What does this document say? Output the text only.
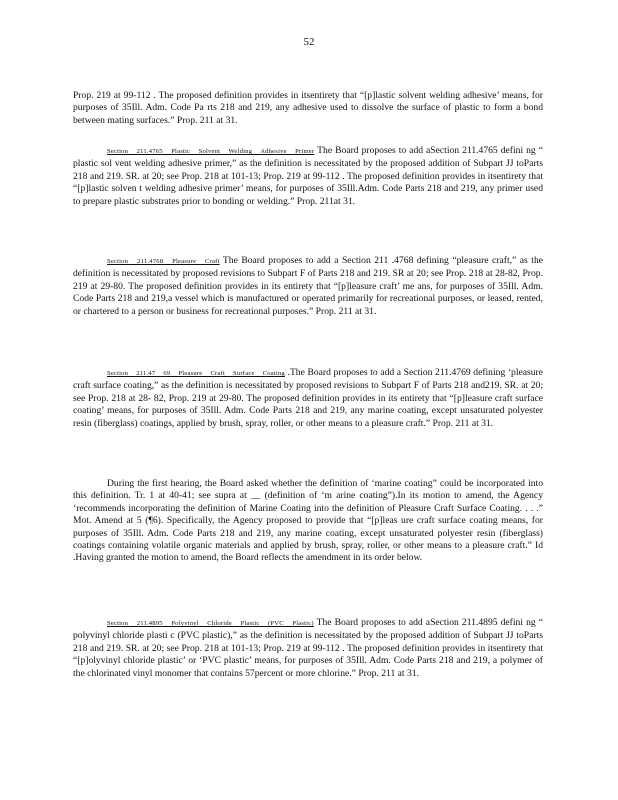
52

Prop. 219 at 99-112 . The proposed definition provides in itsentirety that “[p]lastic solvent welding adhesive’ means, for purposes of 35Ill. Adm. Code Pa rts 218 and 219, any adhesive used to dissolve the surface of plastic to form a bond between mating surfaces.” Prop. 211 at 31.

Section 211.4765 Plastic Solvent Welding Adhesive Primer The Board proposes to add aSection 211.4765 defini ng “ plastic sol vent welding adhesive primer,” as the definition is necessitated by the proposed addition of Subpart JJ toParts 218 and 219. SR. at 20; see Prop. 218 at 101-13; Prop. 219 at 99-112 . The proposed definition provides in itsentirety that “[p]lastic solven t welding adhesive primer’ means, for purposes of 35Ill.Adm. Code Parts 218 and 219, any primer used to prepare plastic substrates prior to bonding or welding.” Prop. 211at 31.

Section 211.4768 Pleasure Craft The Board proposes to add a Section 211 .4768 defining “pleasure craft,” as the definition is necessitated by proposed revisions to Subpart F of Parts 218 and 219. SR at 20; see Prop. 218 at 28-82, Prop. 219 at 29-80. The proposed definition provides in its entirety that “[p]leasure craft’ me ans, for purposes of 35Ill. Adm. Code Parts 218 and 219,a vessel which is manufactured or operated primarily for recreational purposes, or leased, rented, or chartered to a person or business for recreational purposes.” Prop. 211 at 31.

Section 211.47 69 Pleasure Craft Surface Coating .The Board proposes to add a Section 211.4769 defining ‘pleasure craft surface coating,” as the definition is necessitated by proposed revisions to Subpart F of Parts 218 and219. SR. at 20; see Prop. 218 at 28- 82, Prop. 219 at 29-80. The proposed definition provides in its entirety that “[p]leasure craft surface coating’ means, for purposes of 35Ill. Adm. Code Parts 218 and 219, any marine coating, except unsaturated polyester resin (fiberglass) coatings, applied by brush, spray, roller, or other means to a pleasure craft.” Prop. 211 at 31.

During the first hearing, the Board asked whether the definition of ‘marine coating” could be incorporated into this definition. Tr. 1 at 40-41; see supra at __ (definition of ‘m arine coating”).In its motion to amend, the Agency ‘recommends incorporating the definition of Marine Coating into the definition of Pleasure Craft Surface Coating. . . .” Mot. Amend at 5 (¶6). Specifically, the Agency proposed to provide that “[p]leas ure craft surface coating means, for purposes of 35Ill. Adm. Code Parts 218 and 219, any marine coating, except unsaturated polyester resin (fiberglass) coatings containing volatile organic materials and applied by brush, spray, roller, or other means to a pleasure craft.” Id .Having granted the motion to amend, the Board reflects the amendment in its order below.

Section 211.4895 Polyvinyl Chloride Plastic (PVC Plastic) The Board proposes to add aSection 211.4895 defini ng “ polyvinyl chloride plasti c (PVC plastic),” as the definition is necessitated by the proposed addition of Subpart JJ toParts 218 and 219. SR. at 20; see Prop. 218 at 101-13; Prop. 219 at 99-112 . The proposed definition provides in itsentirety that “[p]olyvinyl chloride plastic’ or ‘PVC plastic’ means, for purposes of 35Ill. Adm. Code Parts 218 and 219, a polymer of the chlorinated vinyl monomer that contains 57percent or more chlorine.” Prop. 211 at 31.
